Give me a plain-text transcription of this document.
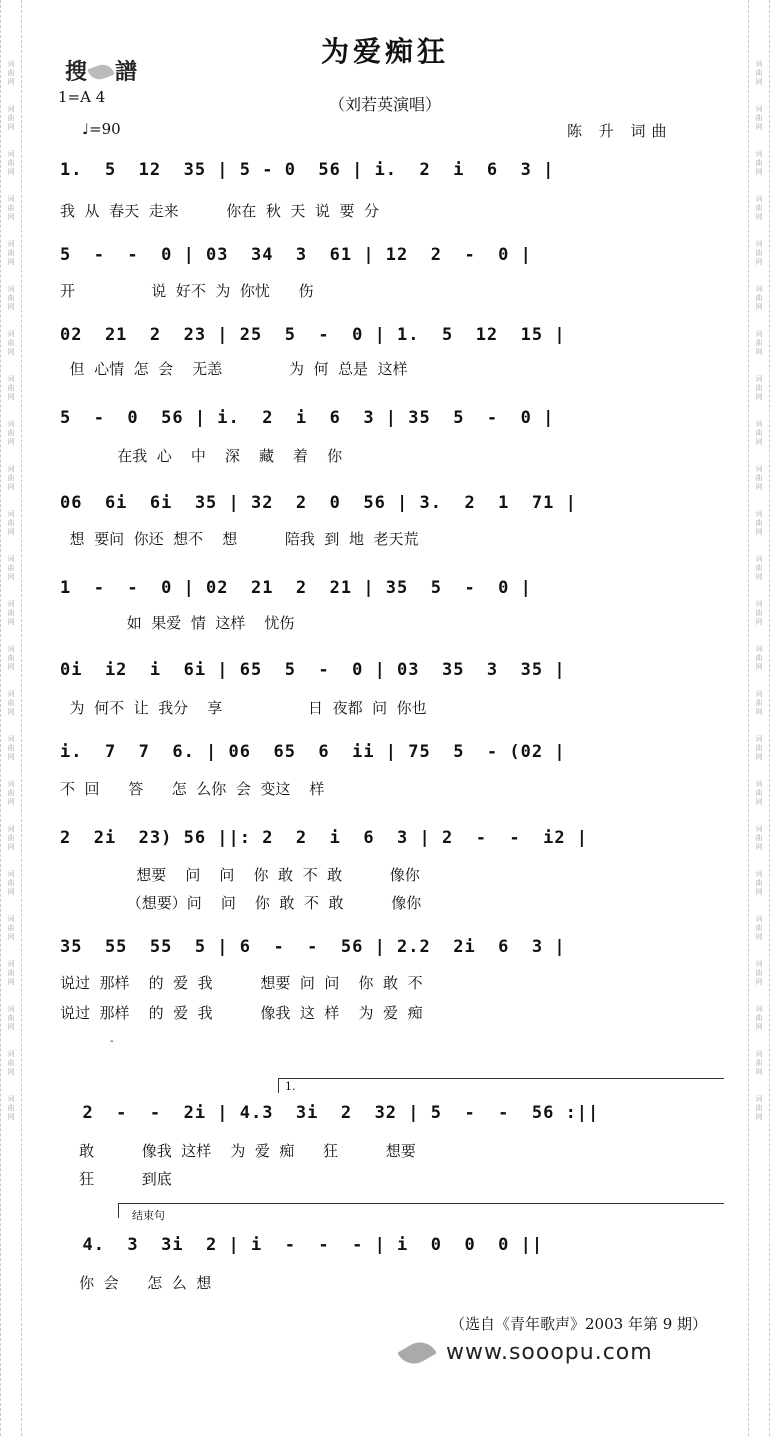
词
曲
网

词
曲
网

词
曲
网

词
曲
网

词
曲
网

词
曲
网

词
曲
网

词
曲
网

词
曲
网

词
曲
网

词
曲
网

词
曲
网

词
曲
网

词
曲
网

词
曲
网

词
曲
网

词
曲
网

词
曲
网

词
曲
网

词
曲
网

词
曲
网

词
曲
网

词
曲
网

词
曲
网
词
曲
网

词
曲
网

词
曲
网

词
曲
网

词
曲
网

词
曲
网

词
曲
网

词
曲
网

词
曲
网

词
曲
网

词
曲
网

词
曲
网

词
曲
网

词
曲
网

词
曲
网

词
曲
网

词
曲
网

词
曲
网

词
曲
网

词
曲
网

词
曲
网

词
曲
网

词
曲
网

词
曲
网
搜 譜
为爱痴狂
（刘若英演唱）
1=A 4
♩=90	陈 升 词曲
1.  5  12  35 | 5 - 0  56 | i.  2  i  6  3 |
我  从  春天  走来          你在  秋  天  说  要  分
5  -  -  0 | 03  34  3  61 | 12  2  -  0 |
开                说  好不  为  你忧      伤
02  21  2  23 | 25  5  -  0 | 1.  5  12  15 |
但  心情  怎  会    无恙              为  何  总是  这样
5  -  0  56 | i.  2  i  6  3 | 35  5  -  0 |
在我  心    中    深    藏    着    你
06  6i  6i  35 | 32  2  0  56 | 3.  2  1  71 |
想  要问  你还  想不    想          陪我  到  地  老天荒
1  -  -  0 | 02  21  2  21 | 35  5  -  0 |
如  果爱  情  这样    忧伤
0i  i2  i  6i | 65  5  -  0 | 03  35  3  35 |
为  何不  让  我分    享                  日  夜都  问  你也
i.  7  7  6. | 06  65  6  ii | 75  5  - (02 |
不  回      答      怎  么你  会  变这    样
2  2i  23) 56 ||: 2  2  i  6  3 | 2  -  -  i2 |
想要    问    问    你  敢  不  敢          像你
（想要）问    问    你  敢  不  敢          像你
35  55  55  5 | 6  -  -  56 | 2.2  2i  6  3 |
说过  那样    的  爱  我          想要  问  问    你  敢  不
说过  那样    的  爱  我          像我  这  样    为  爱  痴
-
1.
2  -  -  2i | 4.3  3i  2  32 | 5  -  -  56 :||
敢          像我  这样    为  爱  痴      狂          想要
狂          到底
结束句
4.  3  3i  2 | i  -  -  - | i  0  0  0 ||
你  会      怎  么  想
（选自《青年歌声》2003 年第 9 期）
www.sooopu.com
